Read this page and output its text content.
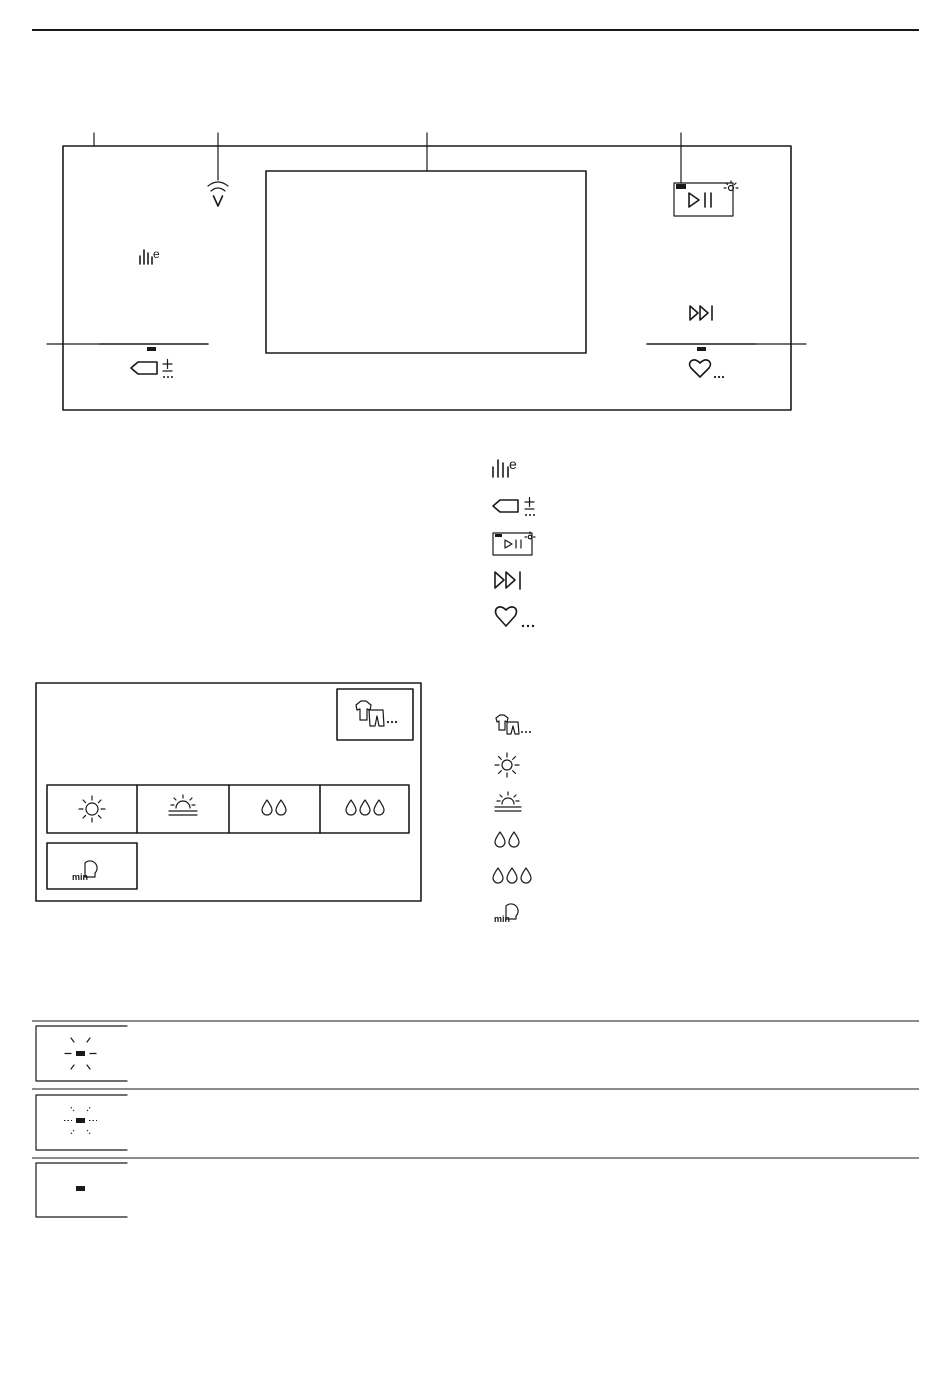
e
e
min
min
